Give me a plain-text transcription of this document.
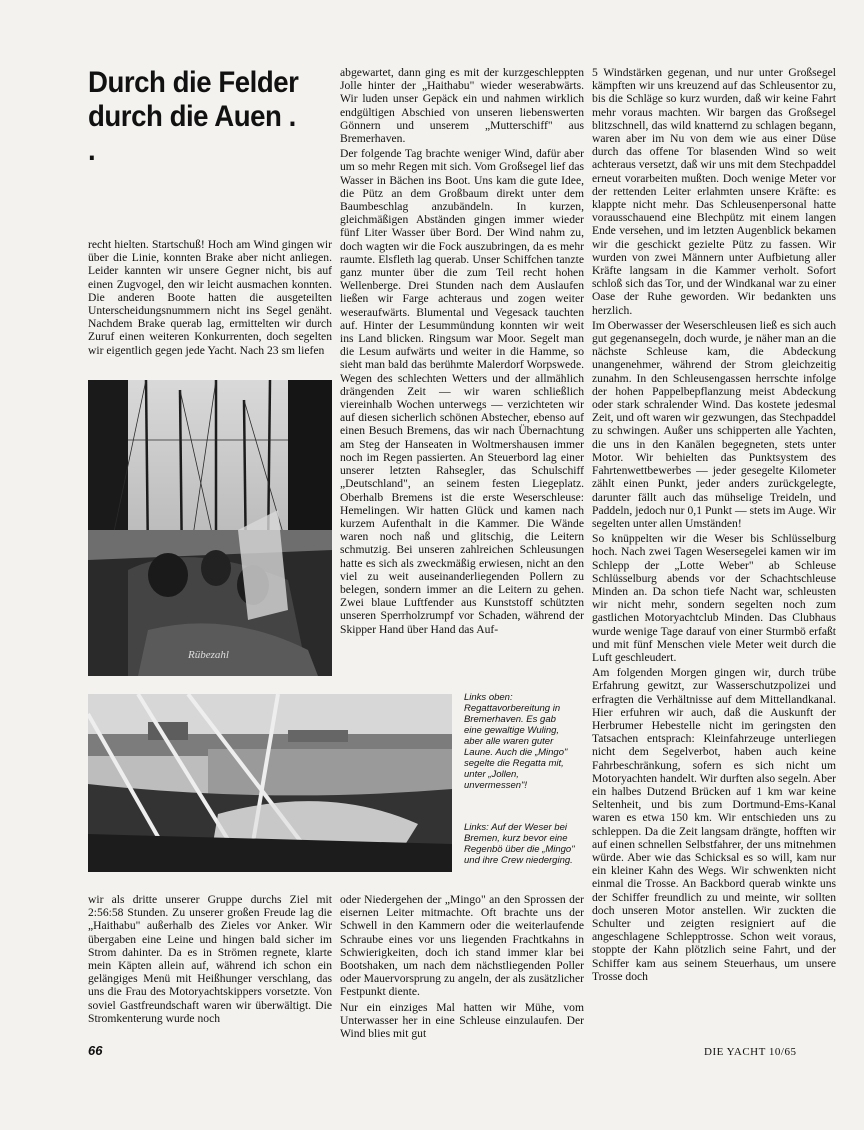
Durch die Felder
durch die Auen . .

recht hielten. Startschuß! Hoch am Wind gingen wir über die Linie, konnten Brake aber nicht anliegen. Leider kannten wir unsere Gegner nicht, bis auf einen Zugvogel, den wir leicht ausmachen konnten. Die anderen Boote hatten die ausgeteilten Unterscheidungsnummern nicht ins Segel genäht. Nachdem Brake querab lag, ermittelten wir durch Zuruf einen weiteren Konkurrenten, doch segelten wir eigentlich gegen jede Yacht. Nach 23 sm liefen

Rübezahl
Links oben: Regattavorbereitung in Bremerhaven. Es gab eine gewaltige Wuling, aber alle waren guter Laune. Auch die „Mingo" segelte die Regatta mit, unter „Jollen, unvermessen"!
Links: Auf der Weser bei Bremen, kurz bevor eine Regenbö über die „Mingo" und ihre Crew niederging.

wir als dritte unserer Gruppe durchs Ziel mit 2:56:58 Stunden. Zu unserer großen Freude lag die „Haithabu" außerhalb des Zieles vor Anker. Wir übergaben eine Leine und hingen bald sicher im Strom dahinter. Da es in Strömen regnete, klarte mein Käpten allein auf, während ich schon ein gelängiges Menü mit Heißhunger verschlang, das uns die Frau des Motoryachtskippers vorsetzte. Von soviel Gastfreundschaft waren wir überwältigt. Die Stromkenterung wurde noch

abgewartet, dann ging es mit der kurzgeschleppten Jolle hinter der „Haithabu" wieder weserabwärts. Wir luden unser Gepäck ein und nahmen wirklich endgültigen Abschied von unseren liebenswerten Gönnern und unserem „Mutterschiff" aus Bremerhaven.

Der folgende Tag brachte weniger Wind, dafür aber um so mehr Regen mit sich. Vom Großsegel lief das Wasser in Bächen ins Boot. Uns kam die gute Idee, die Pütz an dem Großbaum direkt unter dem Baumbeschlag anzubändeln. In kurzen, gleichmäßigen Abständen gingen immer wieder fünf Liter Wasser über Bord. Der Wind nahm zu, doch wagten wir die Fock auszubringen, da es mehr raumte. Elsfleth lag querab. Unser Schiffchen tanzte ganz munter über die zum Teil recht hohen Wellenberge. Drei Stunden nach dem Auslaufen ließen wir Farge achteraus und zogen weiter weseraufwärts. Blumental und Vegesack tauchten auf. Hinter der Lesummündung konnten wir weit ins Land blicken. Ringsum war Moor. Segelt man die Lesum aufwärts und weiter in die Hamme, so sieht man bald das berühmte Malerdorf Worpswede. Wegen des schlechten Wetters und der allmählich drängenden Zeit — wir waren schließlich viereinhalb Wochen unterwegs — verzichteten wir auf diesen sicherlich schönen Abstecher, ebenso auf einen Besuch Bremens, das wir nach Übernachtung am Steg der Hanseaten in Woltmershausen immer noch im Regen passierten. An Steuerbord lag einer unserer letzten Rahsegler, das Schulschiff „Deutschland", an seinem festen Liegeplatz. Oberhalb Bremens ist die erste Weserschleuse: Hemelingen. Wir hatten Glück und kamen nach kurzem Aufenthalt in die Kammer. Die Wände waren noch naß und glitschig, die Leitern schmutzig. Bei unseren zahlreichen Schleusungen hatte es sich als zweckmäßig erwiesen, nicht an den viel zu weit auseinanderliegenden Pollern zu belegen, sondern immer an die Leitern zu gehen. Zwei blaue Luftfender aus Kunststoff schützten unseren Sperrholzrumpf vor Schaden, während der Skipper Hand über Hand das Auf-

oder Niedergehen der „Mingo" an den Sprossen der eisernen Leiter mitmachte. Oft brachte uns der Schwell in den Kammern oder die weiterlaufende Schraube eines vor uns liegenden Frachtkahns in Schwierigkeiten, doch ich stand immer klar bei Bootshaken, um nach dem nächstliegenden Poller oder Mauervorsprung zu angeln, der als zusätzlicher Festpunkt diente.

Nur ein einziges Mal hatten wir Mühe, vom Unterwasser her in eine Schleuse einzulaufen. Der Wind blies mit gut

5 Windstärken gegenan, und nur unter Großsegel kämpften wir uns kreuzend auf das Schleusentor zu, bis die Schläge so kurz wurden, daß wir keine Fahrt mehr voraus machten. Wir bargen das Großsegel blitzschnell, das wild knatternd zu schlagen begann, waren aber im Nu von dem wie aus einer Düse durch das offene Tor blasenden Wind so weit achteraus versetzt, daß wir uns mit dem Stechpaddel erneut vorarbeiten mußten. Doch wenige Meter vor der rettenden Leiter erlahmten unsere Kräfte: es klappte nicht mehr. Das Schleusenpersonal hatte vorausschauend eine Blechpütz mit einem langen Ende versehen, und im letzten Augenblick bekamen wir die geschickt gezielte Pütz zu fassen. Wir wurden von zwei Männern unter Aufbietung aller Kräfte langsam in die Kammer verholt. Sofort schloß sich das Tor, und der Windkanal war zu einer Oase der Ruhe geworden. Wir bedankten uns herzlich.

Im Oberwasser der Weserschleusen ließ es sich auch gut gegenansegeln, doch wurde, je näher man an die nächste Schleuse kam, die Abdeckung unangenehmer, während der Strom gleichzeitig zunahm. In den Schleusengassen herrschte infolge der hohen Pappelbepflanzung meist Abdeckung oder stark schralender Wind. Das kostete jedesmal Zeit, und oft waren wir gezwungen, das Stechpaddel zu schwingen. Außer uns schipperten alle Yachten, die uns in den Kanälen begegneten, stets unter Motor. Wir behielten das Punktsystem des Fahrtenwettbewerbes — jeder gesegelte Kilometer zählt einen Punkt, jeder anders zurückgelegte, darunter fällt auch das mühselige Treideln, und Paddeln, jedoch nur 0,1 Punkt — stets im Auge. Wir segelten unter allen Umständen!

So knüppelten wir die Weser bis Schlüsselburg hoch. Nach zwei Tagen Wesersegelei kamen wir im Schlepp der „Lotte Weber" ab Schleuse Schlüsselburg abends vor der Schachtschleuse Minden an. Da schon tiefe Nacht war, schleusten wir nicht mehr, sondern segelten noch zum gastlichen Motoryachtclub Minden. Das Clubhaus wurde wenige Tage darauf von einer Sturmbö erfaßt und mit fünf Menschen viele Meter weit durch die Luft geschleudert.

Am folgenden Morgen gingen wir, durch trübe Erfahrung gewitzt, zur Wasserschutzpolizei und erfragten die Verhältnisse auf dem Mittellandkanal. Hier erfuhren wir auch, daß die Auskunft der Herbrumer Hebestelle nicht im geringsten den Tatsachen entsprach: Kleinfahrzeuge unterliegen nicht dem Segelverbot, haben auch keine Fahrbeschränkung, sofern es sich nicht um Motoryachten handelt. Wir durften also segeln. Aber ein halbes Dutzend Brücken auf 1 km war keine Seltenheit, und bis zum Dortmund-Ems-Kanal waren es etwa 150 km. Wir entschieden uns zu schleppen. Da die Zeit langsam drängte, hofften wir auf einen schnellen Selbstfahrer, der uns mitnehmen würde. Aber wie das Schicksal es so will, kam nur ein kleiner Kahn des Wegs. Wir schwenkten nicht einmal die Trosse. An Backbord querab winkte uns der Schiffer freundlich zu und meinte, wir sollten doch unseren Motor anstellen. Wir zuckten die Schulter und zeigten resigniert auf die angeschlagene Schlepptrosse. Schon weit voraus, stoppte der Kahn plötzlich seine Fahrt, und der Schiffer kam aus seinem Steuerhaus, um unsere Trosse doch

66	DIE YACHT 10/65
